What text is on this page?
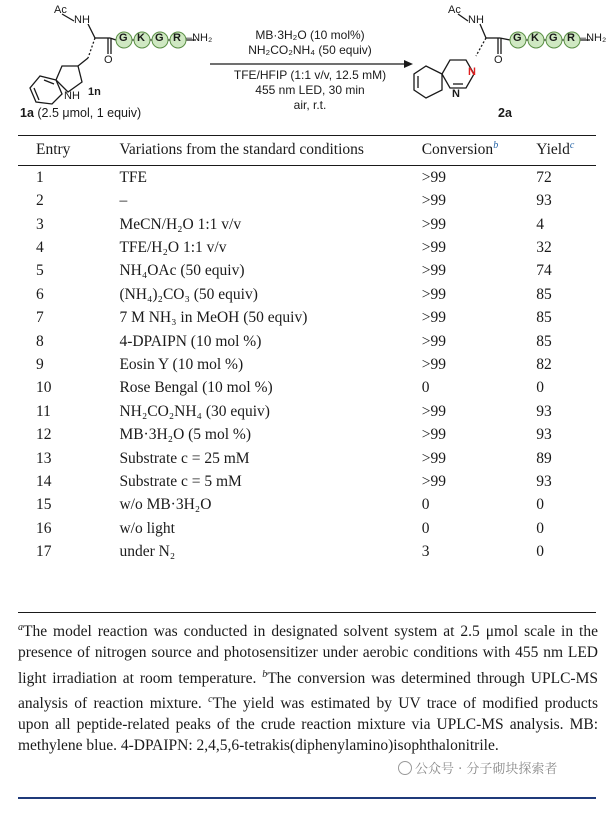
G K G R –NH₂	G K G R –NH₂
Ac
NH
O
NH 1n
1a (2.5 μmol, 1 equiv)
Ac
NH
O
N
N
2a
MB·3H₂O (10 mol%)
NH₂CO₂NH₄ (50 equiv)
TFE/HFIP (1:1 v/v, 12.5 mM)
455 nm LED, 30 min
air, r.t.
Entry	Variations from the standard conditions	Conversion$^b$	Yield$^c$
1	TFE	>99	72
2	–	>99	93
3	MeCN/H₂O 1:1 v/v	>99	4
4	TFE/H₂O 1:1 v/v	>99	32
5	NH₄OAc (50 equiv)	>99	74
6	(NH₄)₂CO₃ (50 equiv)	>99	85
7	7 M NH₃ in MeOH (50 equiv)	>99	85
8	4-DPAIPN (10 mol %)	>99	85
9	Eosin Y (10 mol %)	>99	82
10	Rose Bengal (10 mol %)	0	0
11	NH₂CO₂NH₄ (30 equiv)	>99	93
12	MB·3H₂O (5 mol %)	>99	93
13	Substrate c = 25 mM	>99	89
14	Substrate c = 5 mM	>99	93
15	w/o MB·3H₂O	0	0
16	w/o light	0	0
17	under N₂	3	0
$^a$The model reaction was conducted in designated solvent system at 2.5 μmol scale in the presence of nitrogen source and photosensitizer under aerobic conditions with 455 nm LED light irradiation at room temperature. $^b$The conversion was determined through UPLC-MS analysis of reaction mixture. $^c$The yield was estimated by UV trace of modified products upon all peptide-related peaks of the crude reaction mixture via UPLC-MS analysis. MB: methylene blue. 4-DPAIPN: 2,4,5,6-tetrakis(diphenylamino)isophthalonitrile.
公众号 · 分子砌块探索者
